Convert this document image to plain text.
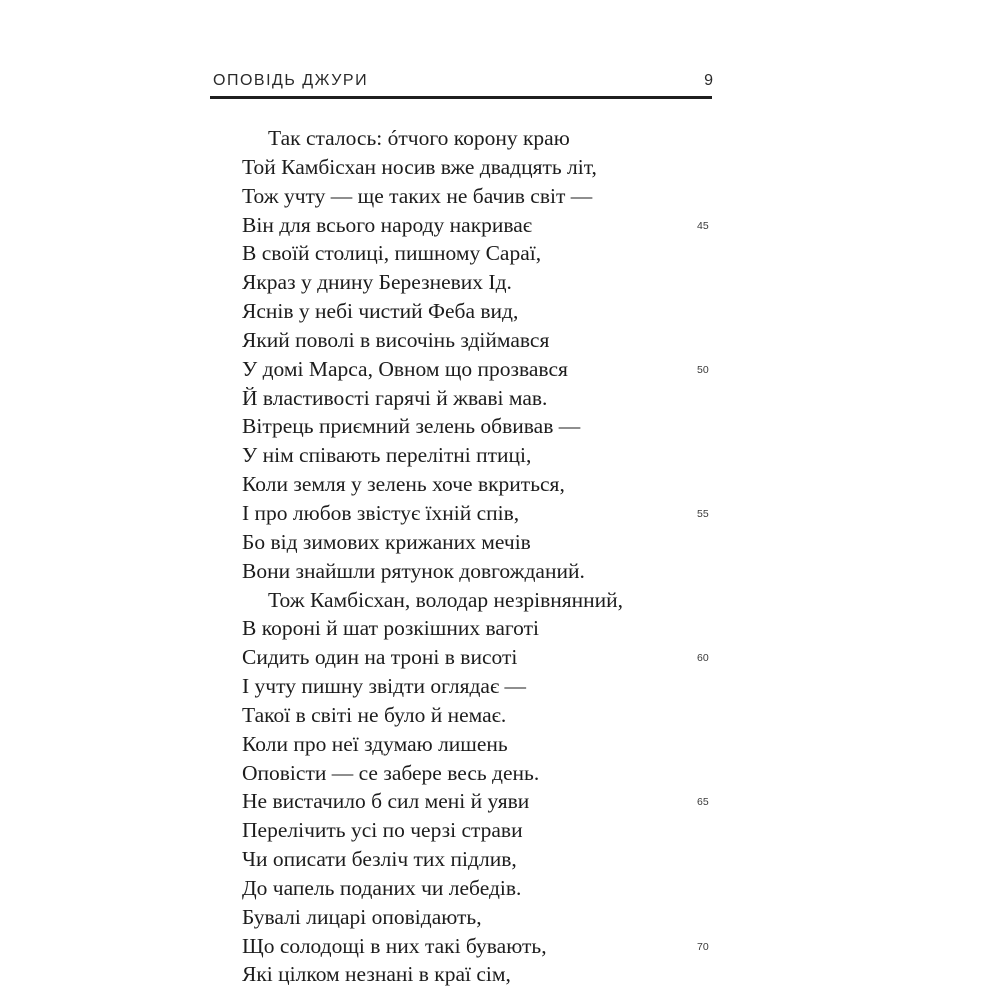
ОПОВІДЬ ДЖУРИ	9
Так сталось: óтчого корону краю
Той Камбісхан носив вже двадцять літ,
Тож учту — ще таких не бачив світ —
Він для всього народу накриває	45
В своїй столиці, пишному Сараї,
Якраз у днину Березневих Ід.
Яснів у небі чистий Феба вид,
Який поволі в височінь здіймався
У домі Марса, Овном що прозвався	50
Й властивості гарячі й жваві мав.
Вітрець приємний зелень обвивав —
У нім співають перелітні птиці,
Коли земля у зелень хоче вкриться,
І про любов звістує їхній спів,	55
Бо від зимових крижаних мечів
Вони знайшли рятунок довгожданий.
Тож Камбісхан, володар незрівнянний,
В короні й шат розкішних ваготі
Сидить один на троні в висоті	60
І учту пишну звідти оглядає —
Такої в світі не було й немає.
Коли про неї здумаю лишень
Оповісти — се забере весь день.
Не вистачило б сил мені й уяви	65
Перелічить усі по черзі страви
Чи описати безліч тих підлив,
До чапель поданих чи лебедів.
Бувалі лицарі оповідають,
Що солодощі в них такі бувають,	70
Які цілком незнані в краї сім,
